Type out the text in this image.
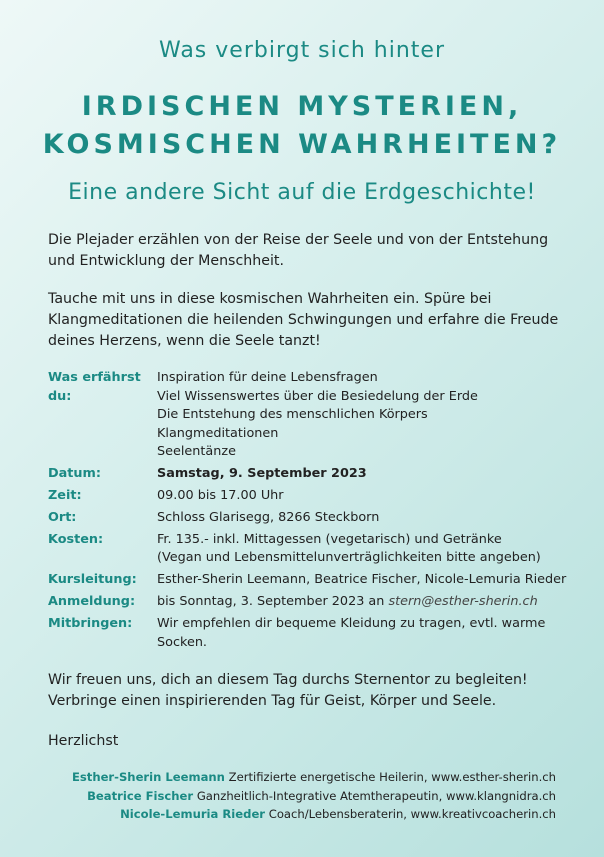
Was verbirgt sich hinter
IRDISCHEN MYSTERIEN,
KOSMISCHEN WAHRHEITEN?
Eine andere Sicht auf die Erdgeschichte!
Die Plejader erzählen von der Reise der Seele und von der Entstehung
und Entwicklung der Menschheit.
Tauche mit uns in diese kosmischen Wahrheiten ein. Spüre bei
Klangmeditationen die heilenden Schwingungen und erfahre die Freude
deines Herzens, wenn die Seele tanzt!
Was erfährst du:
Inspiration für deine Lebensfragen
Viel Wissenswertes über die Besiedelung der Erde
Die Entstehung des menschlichen Körpers
Klangmeditationen
Seelentänze
Datum:	Samstag, 9. September 2023
Zeit:	09.00 bis 17.00 Uhr
Ort:	Schloss Glarisegg, 8266 Steckborn
Kosten:	Fr. 135.- inkl. Mittagessen (vegetarisch) und Getränke
(Vegan und Lebensmittelunverträglichkeiten bitte angeben)
Kursleitung:	Esther-Sherin Leemann, Beatrice Fischer, Nicole-Lemuria Rieder
Anmeldung:	bis Sonntag, 3. September 2023 an stern@esther-sherin.ch
Mitbringen:	Wir empfehlen dir bequeme Kleidung zu tragen, evtl. warme
Socken.
Wir freuen uns, dich an diesem Tag durchs Sternentor zu begleiten!
Verbringe einen inspirierenden Tag für Geist, Körper und Seele.
Herzlichst
Esther-Sherin Leemann Zertifizierte energetische Heilerin, www.esther-sherin.ch
Beatrice Fischer Ganzheitlich-Integrative Atemtherapeutin, www.klangnidra.ch
Nicole-Lemuria Rieder Coach/Lebensberaterin, www.kreativcoacherin.ch
